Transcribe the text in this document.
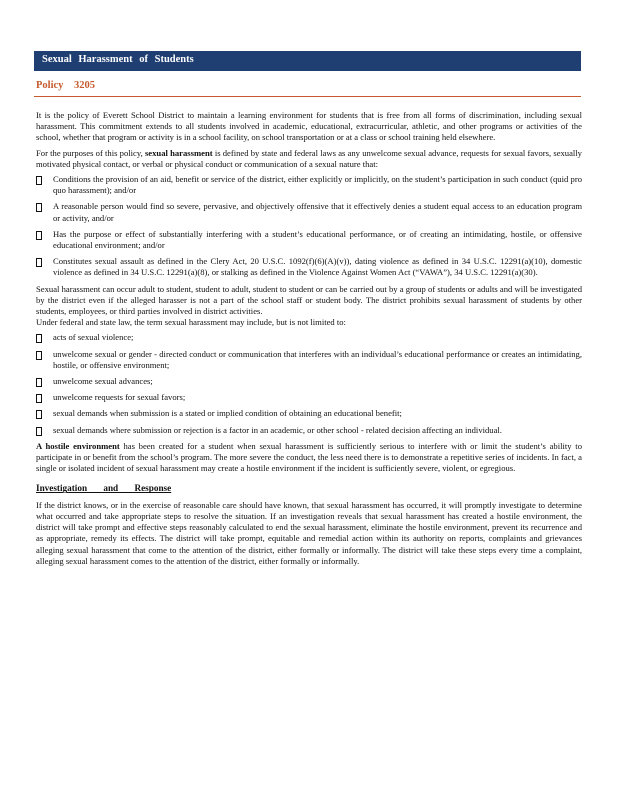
Sexual Harassment of Students
Policy 3205

It is the policy of Everett School District to maintain a learning environment for students that is free from all forms of discrimination, including sexual harassment. This commitment extends to all students involved in academic, educational, extracurricular, athletic, and other programs or activities of the school, whether that program or activity is in a school facility, on school transportation or at a class or school training held elsewhere.

For the purposes of this policy, sexual harassment is defined by state and federal laws as any unwelcome sexual advance, requests for sexual favors, sexually motivated physical contact, or verbal or physical conduct or communication of a sexual nature that:

Conditions the provision of an aid, benefit or service of the district, either explicitly or implicitly, on the student’s participation in such conduct (quid pro quo harassment); and/or
A reasonable person would find so severe, pervasive, and objectively offensive that it effectively denies a student equal access to an education program or activity, and/or
Has the purpose or effect of substantially interfering with a student’s educational performance, or of creating an intimidating, hostile, or offensive educational environment; and/or
Constitutes sexual assault as defined in the Clery Act, 20 U.S.C. 1092(f)(6)(A)(v)), dating violence as defined in 34 U.S.C. 12291(a)(10), domestic violence as defined in 34 U.S.C. 12291(a)(8), or stalking as defined in the Violence Against Women Act (“VAWA”), 34 U.S.C. 12291(a)(30).

Sexual harassment can occur adult to student, student to adult, student to student or can be carried out by a group of students or adults and will be investigated by the district even if the alleged harasser is not a part of the school staff or student body. The district prohibits sexual harassment of students by other students, employees, or third parties involved in district activities.

Under federal and state law, the term sexual harassment may include, but is not limited to:

acts of sexual violence;
unwelcome sexual or gender - directed conduct or communication that interferes with an individual’s educational performance or creates an intimidating, hostile, or offensive environment;
unwelcome sexual advances;
unwelcome requests for sexual favors;
sexual demands when submission is a stated or implied condition of obtaining an educational benefit;
sexual demands where submission or rejection is a factor in an academic, or other school - related decision affecting an individual.

A hostile environment has been created for a student when sexual harassment is sufficiently serious to interfere with or limit the student’s ability to participate in or benefit from the school’s program. The more severe the conduct, the less need there is to demonstrate a repetitive series of incidents. In fact, a single or isolated incident of sexual harassment may create a hostile environment if the incident is sufficiently severe, violent, or egregious.

Investigation and Response

If the district knows, or in the exercise of reasonable care should have known, that sexual harassment has occurred, it will promptly investigate to determine what occurred and take appropriate steps to resolve the situation. If an investigation reveals that sexual harassment has created a hostile environment, the district will take prompt and effective steps reasonably calculated to end the sexual harassment, eliminate the hostile environment, prevent its recurrence and as appropriate, remedy its effects. The district will take prompt, equitable and remedial action within its authority on reports, complaints and grievances alleging sexual harassment that come to the attention of the district, either formally or informally. The district will take these steps every time a complaint, alleging sexual harassment comes to the attention of the district, either formally or informally.
